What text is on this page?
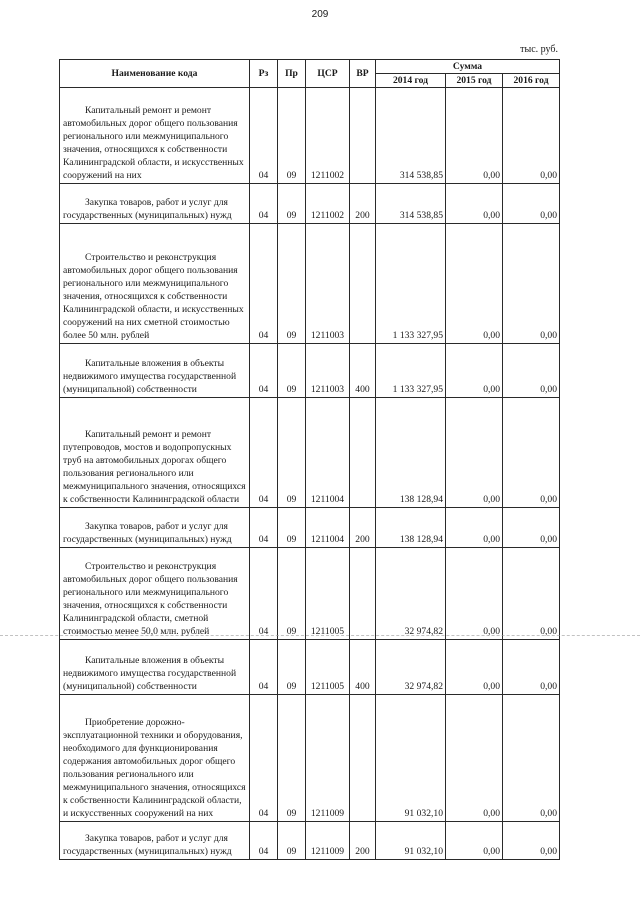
209
тыс. руб.
Наименование кода	Рз	Пр	ЦСР	ВР	Сумма		
					2014 год	2015 год	2016 год

Капитальный ремонт и ремонт автомобильных дорог общего пользования регионального или межмуниципального значения, относящихся к собственности Калининградской области, и искусственных сооружений на них	04	09	1211002		314 538,85	0,00	0,00

Закупка товаров, работ и услуг для государственных (муниципальных) нужд	04	09	1211002	200	314 538,85	0,00	0,00

Строительство и реконструкция автомобильных дорог общего пользования регионального или межмуниципального значения, относящихся к собственности Калининградской области, и искусственных сооружений на них сметной стоимостью более 50 млн. рублей	04	09	1211003		1 133 327,95	0,00	0,00

Капитальные вложения в объекты недвижимого имущества государственной (муниципальной) собственности	04	09	1211003	400	1 133 327,95	0,00	0,00

Капитальный ремонт и ремонт путепроводов, мостов и водопропускных труб на автомобильных дорогах общего пользования регионального или межмуниципального значения, относящихся к собственности Калининградской области	04	09	1211004		138 128,94	0,00	0,00

Закупка товаров, работ и услуг для государственных (муниципальных) нужд	04	09	1211004	200	138 128,94	0,00	0,00

Строительство и реконструкция автомобильных дорог общего пользования регионального или межмуниципального значения, относящихся к собственности Калининградской области, сметной стоимостью менее 50,0 млн. рублей	04	09	1211005		32 974,82	0,00	0,00

Капитальные вложения в объекты недвижимого имущества государственной (муниципальной) собственности	04	09	1211005	400	32 974,82	0,00	0,00

Приобретение дорожно-эксплуатационной техники и оборудования, необходимого для функционирования содержания автомобильных дорог общего пользования регионального или межмуниципального значения, относящихся к собственности Калининградской области, и искусственных сооружений на них	04	09	1211009		91 032,10	0,00	0,00

Закупка товаров, работ и услуг для государственных (муниципальных) нужд	04	09	1211009	200	91 032,10	0,00	0,00
